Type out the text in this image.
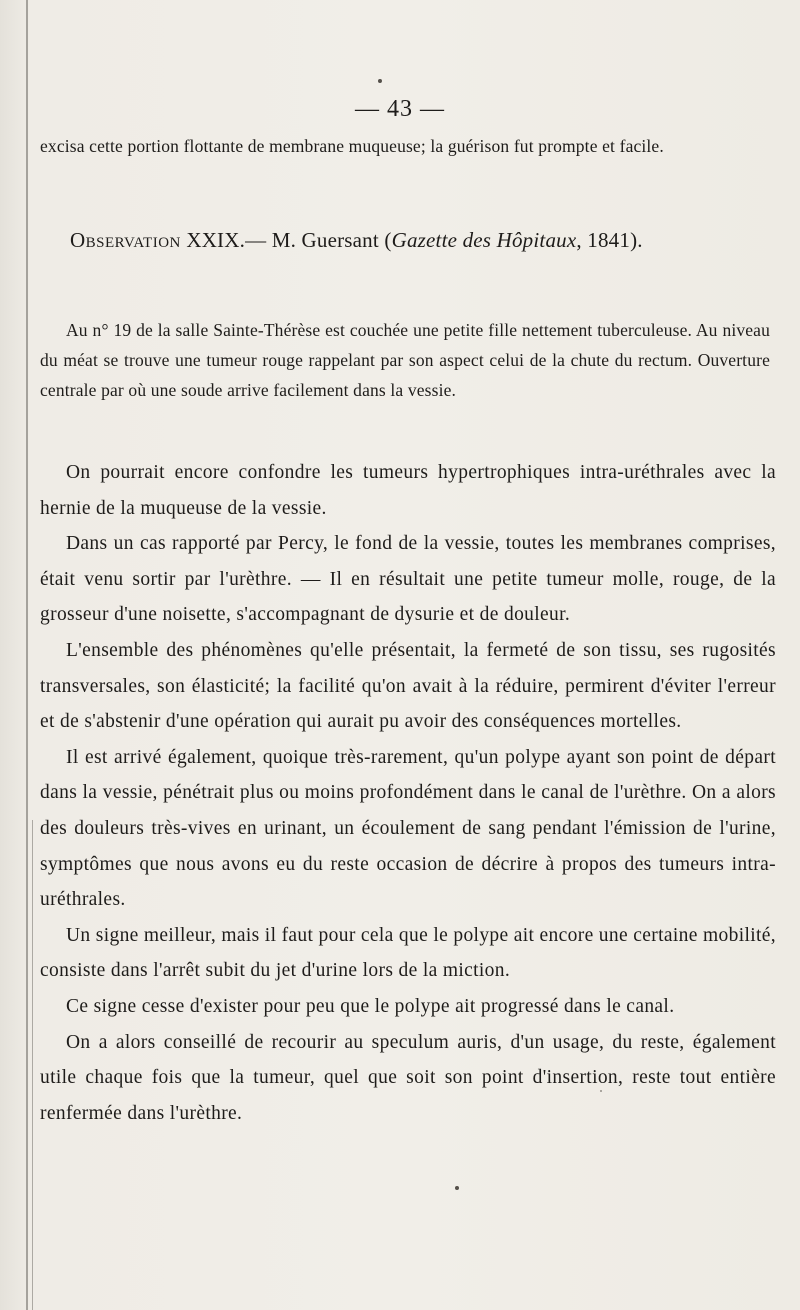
— 43 —

excisa cette portion flottante de membrane muqueuse; la guérison fut prompte et facile.

Observation XXIX.— M. Guersant (Gazette des Hôpitaux, 1841).

Au n° 19 de la salle Sainte-Thérèse est couchée une petite fille nettement tuberculeuse. Au niveau du méat se trouve une tumeur rouge rappelant par son aspect celui de la chute du rectum. Ouverture centrale par où une soude arrive facilement dans la vessie.

On pourrait encore confondre les tumeurs hypertrophiques intra-uréthrales avec la hernie de la muqueuse de la vessie.

Dans un cas rapporté par Percy, le fond de la vessie, toutes les membranes comprises, était venu sortir par l'urèthre. — Il en résultait une petite tumeur molle, rouge, de la grosseur d'une noisette, s'accompagnant de dysurie et de douleur.

L'ensemble des phénomènes qu'elle présentait, la fermeté de son tissu, ses rugosités transversales, son élasticité; la facilité qu'on avait à la réduire, permirent d'éviter l'erreur et de s'abstenir d'une opération qui aurait pu avoir des conséquences mortelles.

Il est arrivé également, quoique très-rarement, qu'un polype ayant son point de départ dans la vessie, pénétrait plus ou moins profondément dans le canal de l'urèthre. On a alors des douleurs très-vives en urinant, un écoulement de sang pendant l'émission de l'urine, symptômes que nous avons eu du reste occasion de décrire à propos des tumeurs intra-uréthrales.

Un signe meilleur, mais il faut pour cela que le polype ait encore une certaine mobilité, consiste dans l'arrêt subit du jet d'urine lors de la miction.

Ce signe cesse d'exister pour peu que le polype ait progressé dans le canal.

On a alors conseillé de recourir au speculum auris, d'un usage, du reste, également utile chaque fois que la tumeur, quel que soit son point d'insertion, reste tout entière renfermée dans l'urèthre.
